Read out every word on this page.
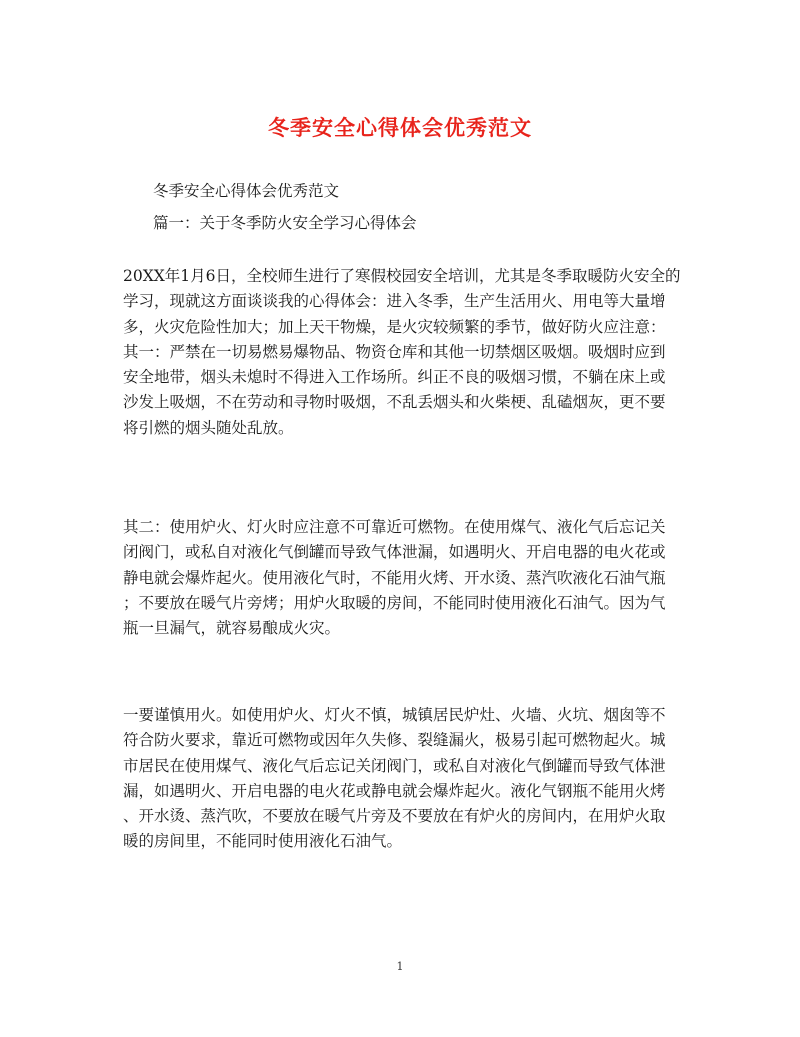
冬季安全心得体会优秀范文
冬季安全心得体会优秀范文
篇一：关于冬季防火安全学习心得体会

20XX年1月6日，全校师生进行了寒假校园安全培训，尤其是冬季取暖防火安全的

学习，现就这方面谈谈我的心得体会：进入冬季，生产生活用火、用电等大量增

多，火灾危险性加大；加上天干物燥，是火灾较频繁的季节，做好防火应注意：

其一：严禁在一切易燃易爆物品、物资仓库和其他一切禁烟区吸烟。吸烟时应到

安全地带，烟头未熄时不得进入工作场所。纠正不良的吸烟习惯，不躺在床上或

沙发上吸烟，不在劳动和寻物时吸烟，不乱丢烟头和火柴梗、乱磕烟灰，更不要

将引燃的烟头随处乱放。

其二：使用炉火、灯火时应注意不可靠近可燃物。在使用煤气、液化气后忘记关

闭阀门，或私自对液化气倒罐而导致气体泄漏，如遇明火、开启电器的电火花或

静电就会爆炸起火。使用液化气时，不能用火烤、开水烫、蒸汽吹液化石油气瓶

；不要放在暖气片旁烤；用炉火取暖的房间，不能同时使用液化石油气。因为气

瓶一旦漏气，就容易酿成火灾。

一要谨慎用火。如使用炉火、灯火不慎，城镇居民炉灶、火墙、火坑、烟囱等不

符合防火要求，靠近可燃物或因年久失修、裂缝漏火，极易引起可燃物起火。城

市居民在使用煤气、液化气后忘记关闭阀门，或私自对液化气倒罐而导致气体泄

漏，如遇明火、开启电器的电火花或静电就会爆炸起火。液化气钢瓶不能用火烤

、开水烫、蒸汽吹，不要放在暖气片旁及不要放在有炉火的房间内，在用炉火取

暖的房间里，不能同时使用液化石油气。

1
